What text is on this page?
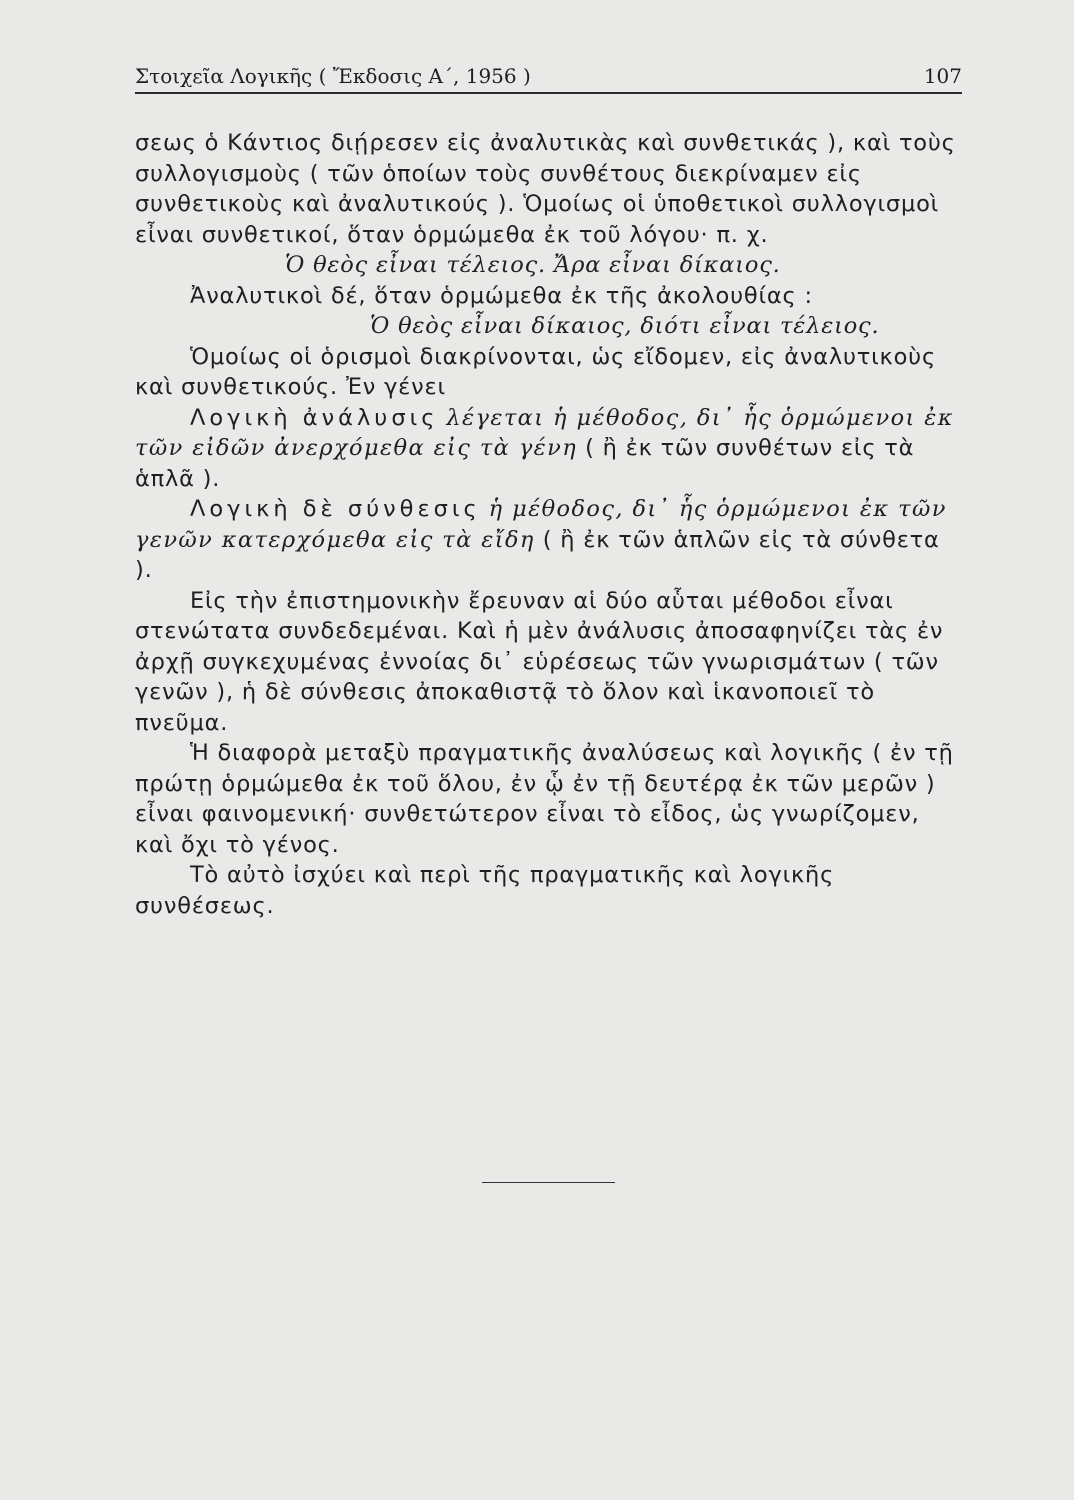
Στοιχεῖα Λογικῆς ( Ἔκδοσις Α΄, 1956 )	107

σεως ὁ Κάντιος διῄρεσεν εἰς ἀναλυτικὰς καὶ συνθετικάς ), καὶ τοὺς συλλογισμοὺς ( τῶν ὁποίων τοὺς συνθέτους διεκρίναμεν εἰς συνθετικοὺς καὶ ἀναλυτικούς ). Ὁμοίως οἱ ὑποθετικοὶ συλλογισμοὶ εἶναι συνθετικοί, ὅταν ὁρμώμεθα ἐκ τοῦ λόγου· π. χ.

Ὁ θεὸς εἶναι τέλειος. Ἄρα εἶναι δίκαιος.

Ἀναλυτικοὶ δέ, ὅταν ὁρμώμεθα ἐκ τῆς ἀκολουθίας :

Ὁ θεὸς εἶναι δίκαιος, διότι εἶναι τέλειος.

Ὁμοίως οἱ ὁρισμοὶ διακρίνονται, ὡς εἴδομεν, εἰς ἀναλυτικοὺς καὶ συνθετικούς. Ἐν γένει

Λογικὴ ἀνάλυσις λέγεται ἡ μέθοδος, δι᾽ ἧς ὁρμώμενοι ἐκ τῶν εἰδῶν ἀνερχόμεθα εἰς τὰ γένη ( ἢ ἐκ τῶν συνθέτων εἰς τὰ ἁπλᾶ ).

Λογικὴ δὲ σύνθεσις ἡ μέθοδος, δι᾽ ἧς ὁρμώμενοι ἐκ τῶν γενῶν κατερχόμεθα εἰς τὰ εἴδη ( ἢ ἐκ τῶν ἁπλῶν εἰς τὰ σύνθετα ).

Εἰς τὴν ἐπιστημονικὴν ἔρευναν αἱ δύο αὗται μέθοδοι εἶναι στενώτατα συνδεδεμέναι. Καὶ ἡ μὲν ἀνάλυσις ἀποσαφηνίζει τὰς ἐν ἀρχῇ συγκεχυμένας ἐννοίας δι᾽ εὑρέσεως τῶν γνωρισμάτων ( τῶν γενῶν ), ἡ δὲ σύνθεσις ἀποκαθιστᾷ τὸ ὅλον καὶ ἱκανοποιεῖ τὸ πνεῦμα.

Ἡ διαφορὰ μεταξὺ πραγματικῆς ἀναλύσεως καὶ λογικῆς ( ἐν τῇ πρώτῃ ὁρμώμεθα ἐκ τοῦ ὅλου, ἐν ᾧ ἐν τῇ δευτέρᾳ ἐκ τῶν μερῶν ) εἶναι φαινομενική· συνθετώτερον εἶναι τὸ εἶδος, ὡς γνωρίζομεν, καὶ ὄχι τὸ γένος.

Τὸ αὐτὸ ἰσχύει καὶ περὶ τῆς πραγματικῆς καὶ λογικῆς συνθέσεως.
